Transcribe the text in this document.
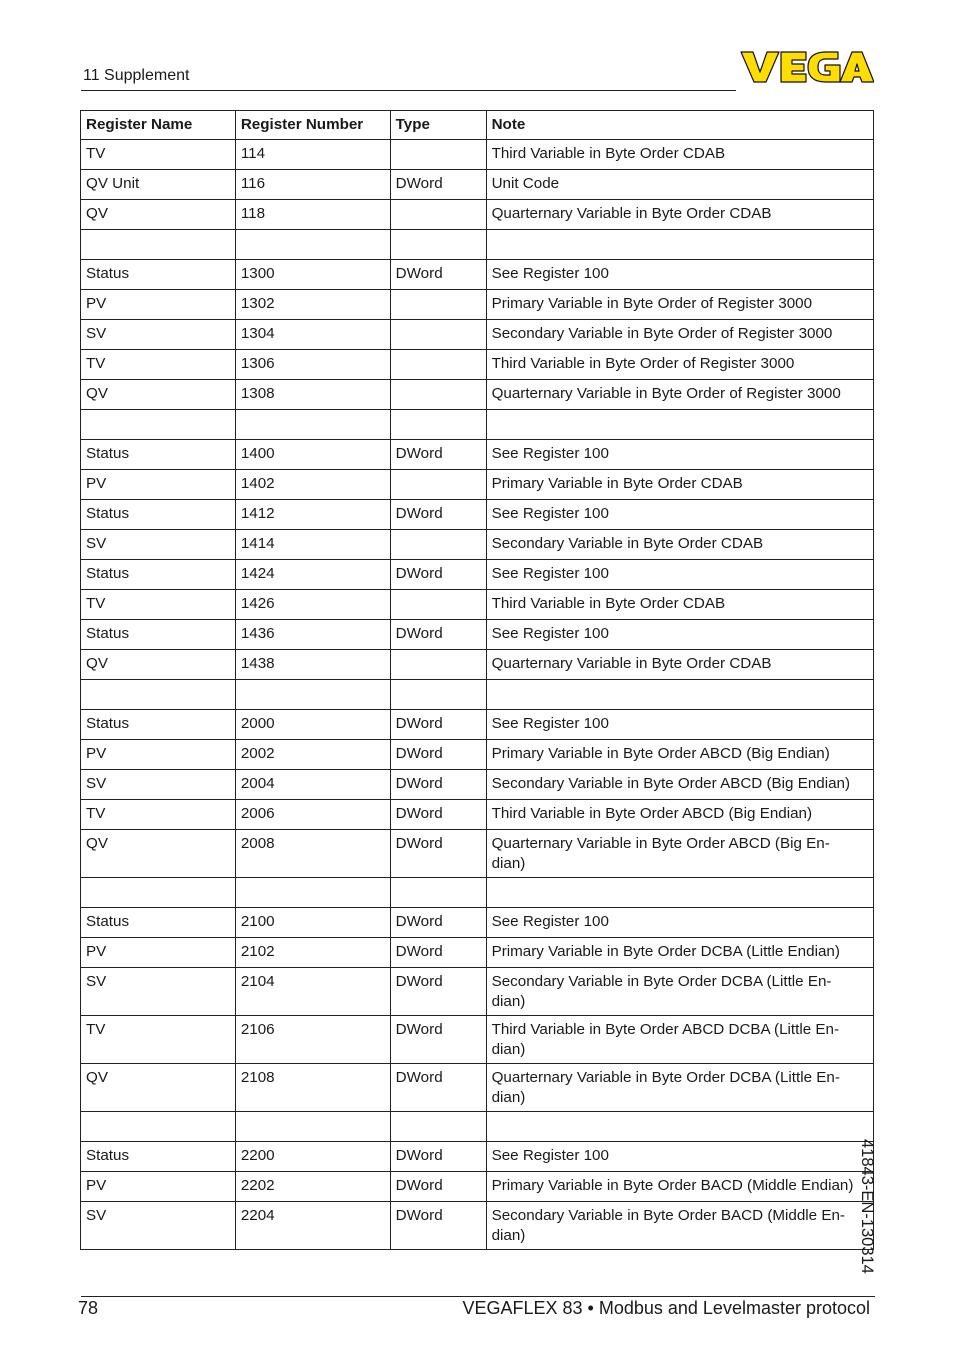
11 Supplement
Register Name	Register Number	Type	Note
TV	114		Third Variable in Byte Order CDAB
QV Unit	116	DWord	Unit Code
QV	118		Quarternary Variable in Byte Order CDAB

Status	1300	DWord	See Register 100
PV	1302		Primary Variable in Byte Order of Register 3000
SV	1304		Secondary Variable in Byte Order of Register 3000
TV	1306		Third Variable in Byte Order of Register 3000
QV	1308		Quarternary Variable in Byte Order of Register 3000

Status	1400	DWord	See Register 100
PV	1402		Primary Variable in Byte Order CDAB
Status	1412	DWord	See Register 100
SV	1414		Secondary Variable in Byte Order CDAB
Status	1424	DWord	See Register 100
TV	1426		Third Variable in Byte Order CDAB
Status	1436	DWord	See Register 100
QV	1438		Quarternary Variable in Byte Order CDAB

Status	2000	DWord	See Register 100
PV	2002	DWord	Primary Variable in Byte Order ABCD (Big Endian)
SV	2004	DWord	Secondary Variable in Byte Order ABCD (Big Endian)
TV	2006	DWord	Third Variable in Byte Order ABCD (Big Endian)
QV	2008	DWord	Quarternary Variable in Byte Order ABCD (Big En-
dian)

Status	2100	DWord	See Register 100
PV	2102	DWord	Primary Variable in Byte Order DCBA (Little Endian)
SV	2104	DWord	Secondary Variable in Byte Order DCBA (Little En-
dian)
TV	2106	DWord	Third Variable in Byte Order ABCD DCBA (Little En-
dian)
QV	2108	DWord	Quarternary Variable in Byte Order DCBA (Little En-
dian)

Status	2200	DWord	See Register 100
PV	2202	DWord	Primary Variable in Byte Order BACD (Middle Endian)
SV	2204	DWord	Secondary Variable in Byte Order BACD (Middle En-
dian)
78	VEGAFLEX 83 • Modbus and Levelmaster protocol
41843-EN-130314
